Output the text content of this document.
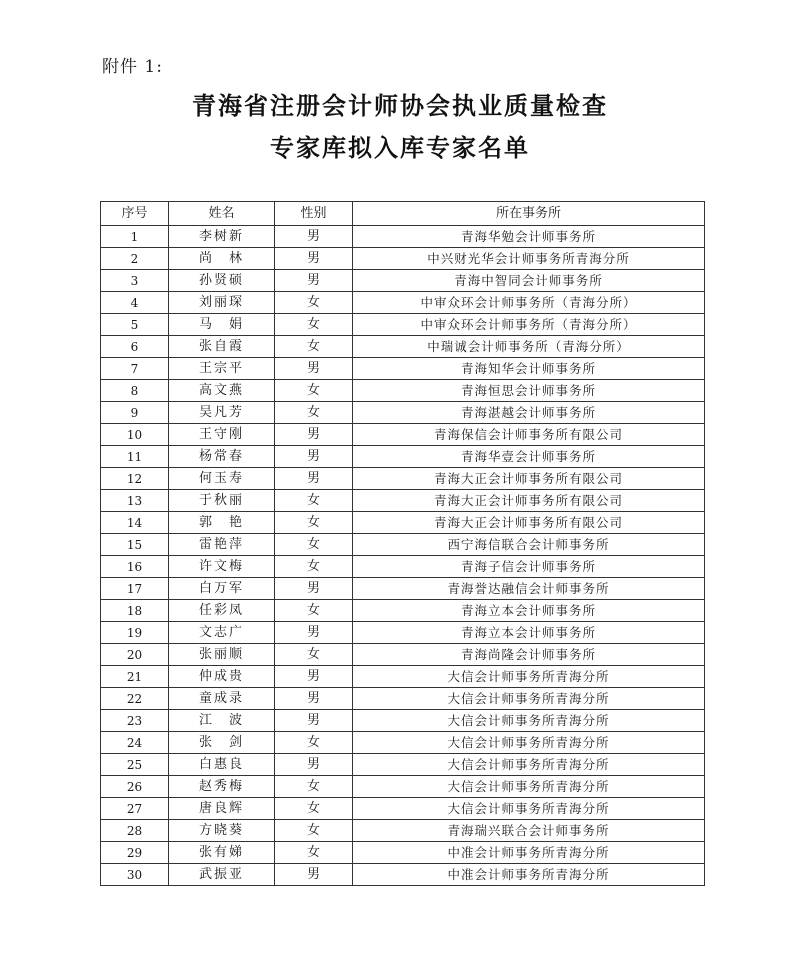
附件 1:
青海省注册会计师协会执业质量检查
专家库拟入库专家名单
序号	姓名	性别	所在事务所
1	李树新	男	青海华勉会计师事务所
2	尚　林	男	中兴财光华会计师事务所青海分所
3	孙贤硕	男	青海中智同会计师事务所
4	刘丽琛	女	中审众环会计师事务所（青海分所）
5	马　娟	女	中审众环会计师事务所（青海分所）
6	张自霞	女	中瑞诚会计师事务所（青海分所）
7	王宗平	男	青海知华会计师事务所
8	高文燕	女	青海恒思会计师事务所
9	吴凡芳	女	青海湛越会计师事务所
10	王守刚	男	青海保信会计师事务所有限公司
11	杨常春	男	青海华壹会计师事务所
12	何玉寿	男	青海大正会计师事务所有限公司
13	于秋丽	女	青海大正会计师事务所有限公司
14	郭　艳	女	青海大正会计师事务所有限公司
15	雷艳萍	女	西宁海信联合会计师事务所
16	许文梅	女	青海子信会计师事务所
17	白万军	男	青海誉达融信会计师事务所
18	任彩凤	女	青海立本会计师事务所
19	文志广	男	青海立本会计师事务所
20	张丽顺	女	青海尚隆会计师事务所
21	仲成贵	男	大信会计师事务所青海分所
22	童成录	男	大信会计师事务所青海分所
23	江　波	男	大信会计师事务所青海分所
24	张　剑	女	大信会计师事务所青海分所
25	白惠良	男	大信会计师事务所青海分所
26	赵秀梅	女	大信会计师事务所青海分所
27	唐良辉	女	大信会计师事务所青海分所
28	方晓葵	女	青海瑞兴联合会计师事务所
29	张有娣	女	中准会计师事务所青海分所
30	武振亚	男	中准会计师事务所青海分所
